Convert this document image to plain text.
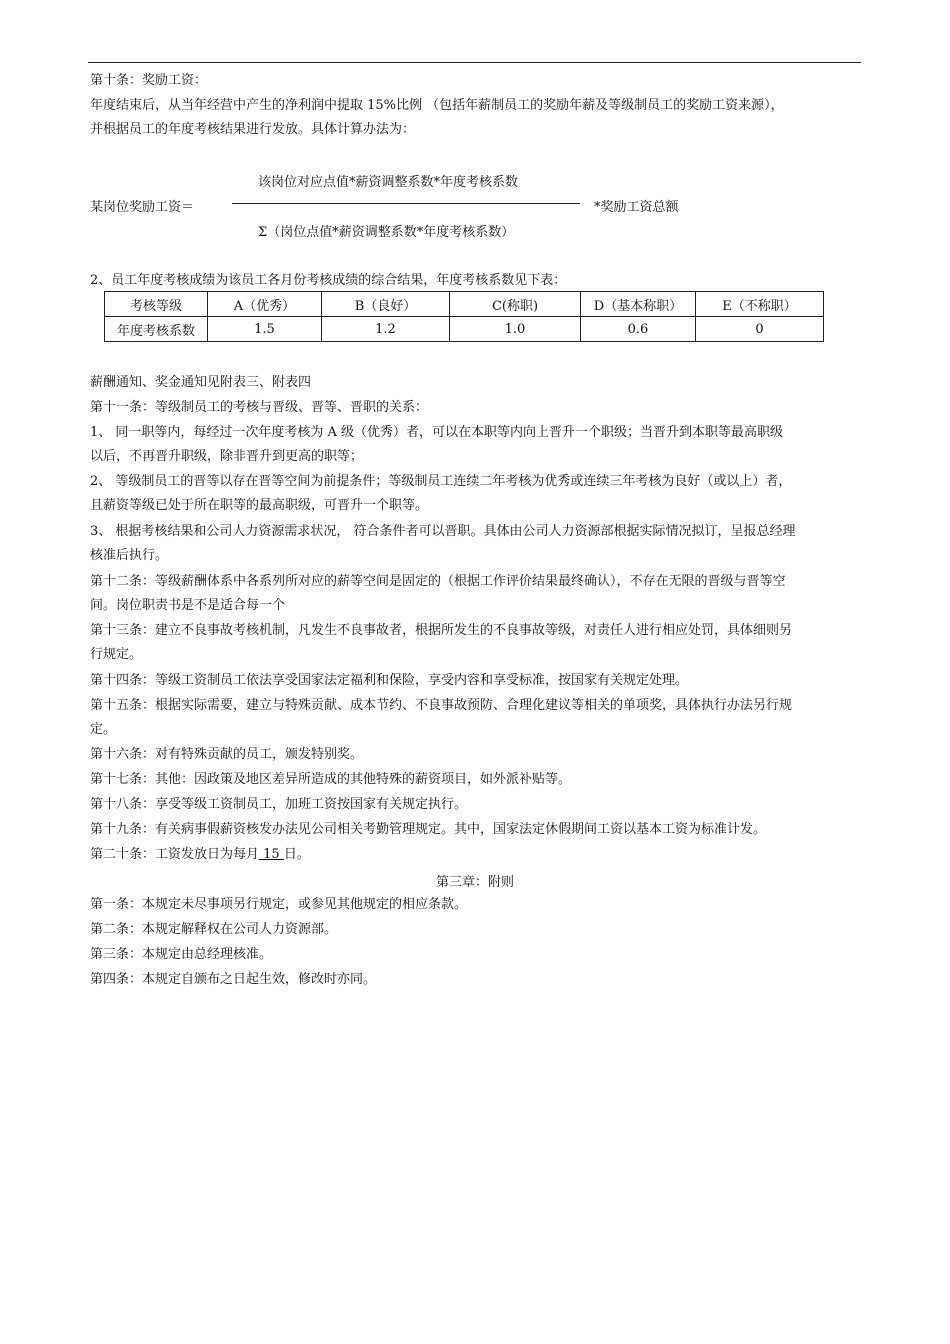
第十条：奖励工资：
年度结束后，从当年经营中产生的净利润中提取 15%比例 （包括年薪制员工的奖励年薪及等级制员工的奖励工资来源），
并根据员工的年度考核结果进行发放。具体计算办法为：
某岗位奖励工资＝
该岗位对应点值*薪资调整系数*年度考核系数
Σ（岗位点值*薪资调整系数*年度考核系数）
*奖励工资总额
2、员工年度考核成绩为该员工各月份考核成绩的综合结果，年度考核系数见下表：
考核等级	A（优秀）	B（良好）	C(称职)	D（基本称职）	E（不称职）
年度考核系数	1.5	1.2	1.0	0.6	0
薪酬通知、奖金通知见附表三、附表四
第十一条：等级制员工的考核与晋级、晋等、晋职的关系：
1、 同一职等内，每经过一次年度考核为 A 级（优秀）者，可以在本职等内向上晋升一个职级；当晋升到本职等最高职级
以后，不再晋升职级，除非晋升到更高的职等；
2、 等级制员工的晋等以存在晋等空间为前提条件；等级制员工连续二年考核为优秀或连续三年考核为良好（或以上）者，
且薪资等级已处于所在职等的最高职级，可晋升一个职等。
3、 根据考核结果和公司人力资源需求状况， 符合条件者可以晋职。具体由公司人力资源部根据实际情况拟订，呈报总经理
核准后执行。
第十二条：等级薪酬体系中各系列所对应的薪等空间是固定的（根据工作评价结果最终确认），不存在无限的晋级与晋等空
间。岗位职责书是不是适合每一个
第十三条：建立不良事故考核机制，凡发生不良事故者，根据所发生的不良事故等级，对责任人进行相应处罚，具体细则另
行规定。
第十四条：等级工资制员工依法享受国家法定福利和保险，享受内容和享受标准，按国家有关规定处理。
第十五条：根据实际需要，建立与特殊贡献、成本节约、不良事故预防、合理化建议等相关的单项奖，具体执行办法另行规
定。
第十六条：对有特殊贡献的员工，颁发特别奖。
第十七条：其他：因政策及地区差异所造成的其他特殊的薪资项目，如外派补贴等。
第十八条：享受等级工资制员工，加班工资按国家有关规定执行。
第十九条：有关病事假薪资核发办法见公司相关考勤管理规定。其中，国家法定休假期间工资以基本工资为标准计发。
第二十条：工资发放日为每月 15 日。
第三章：附则
第一条：本规定未尽事项另行规定，或参见其他规定的相应条款。
第二条：本规定解释权在公司人力资源部。
第三条：本规定由总经理核准。
第四条：本规定自颁布之日起生效，修改时亦同。
